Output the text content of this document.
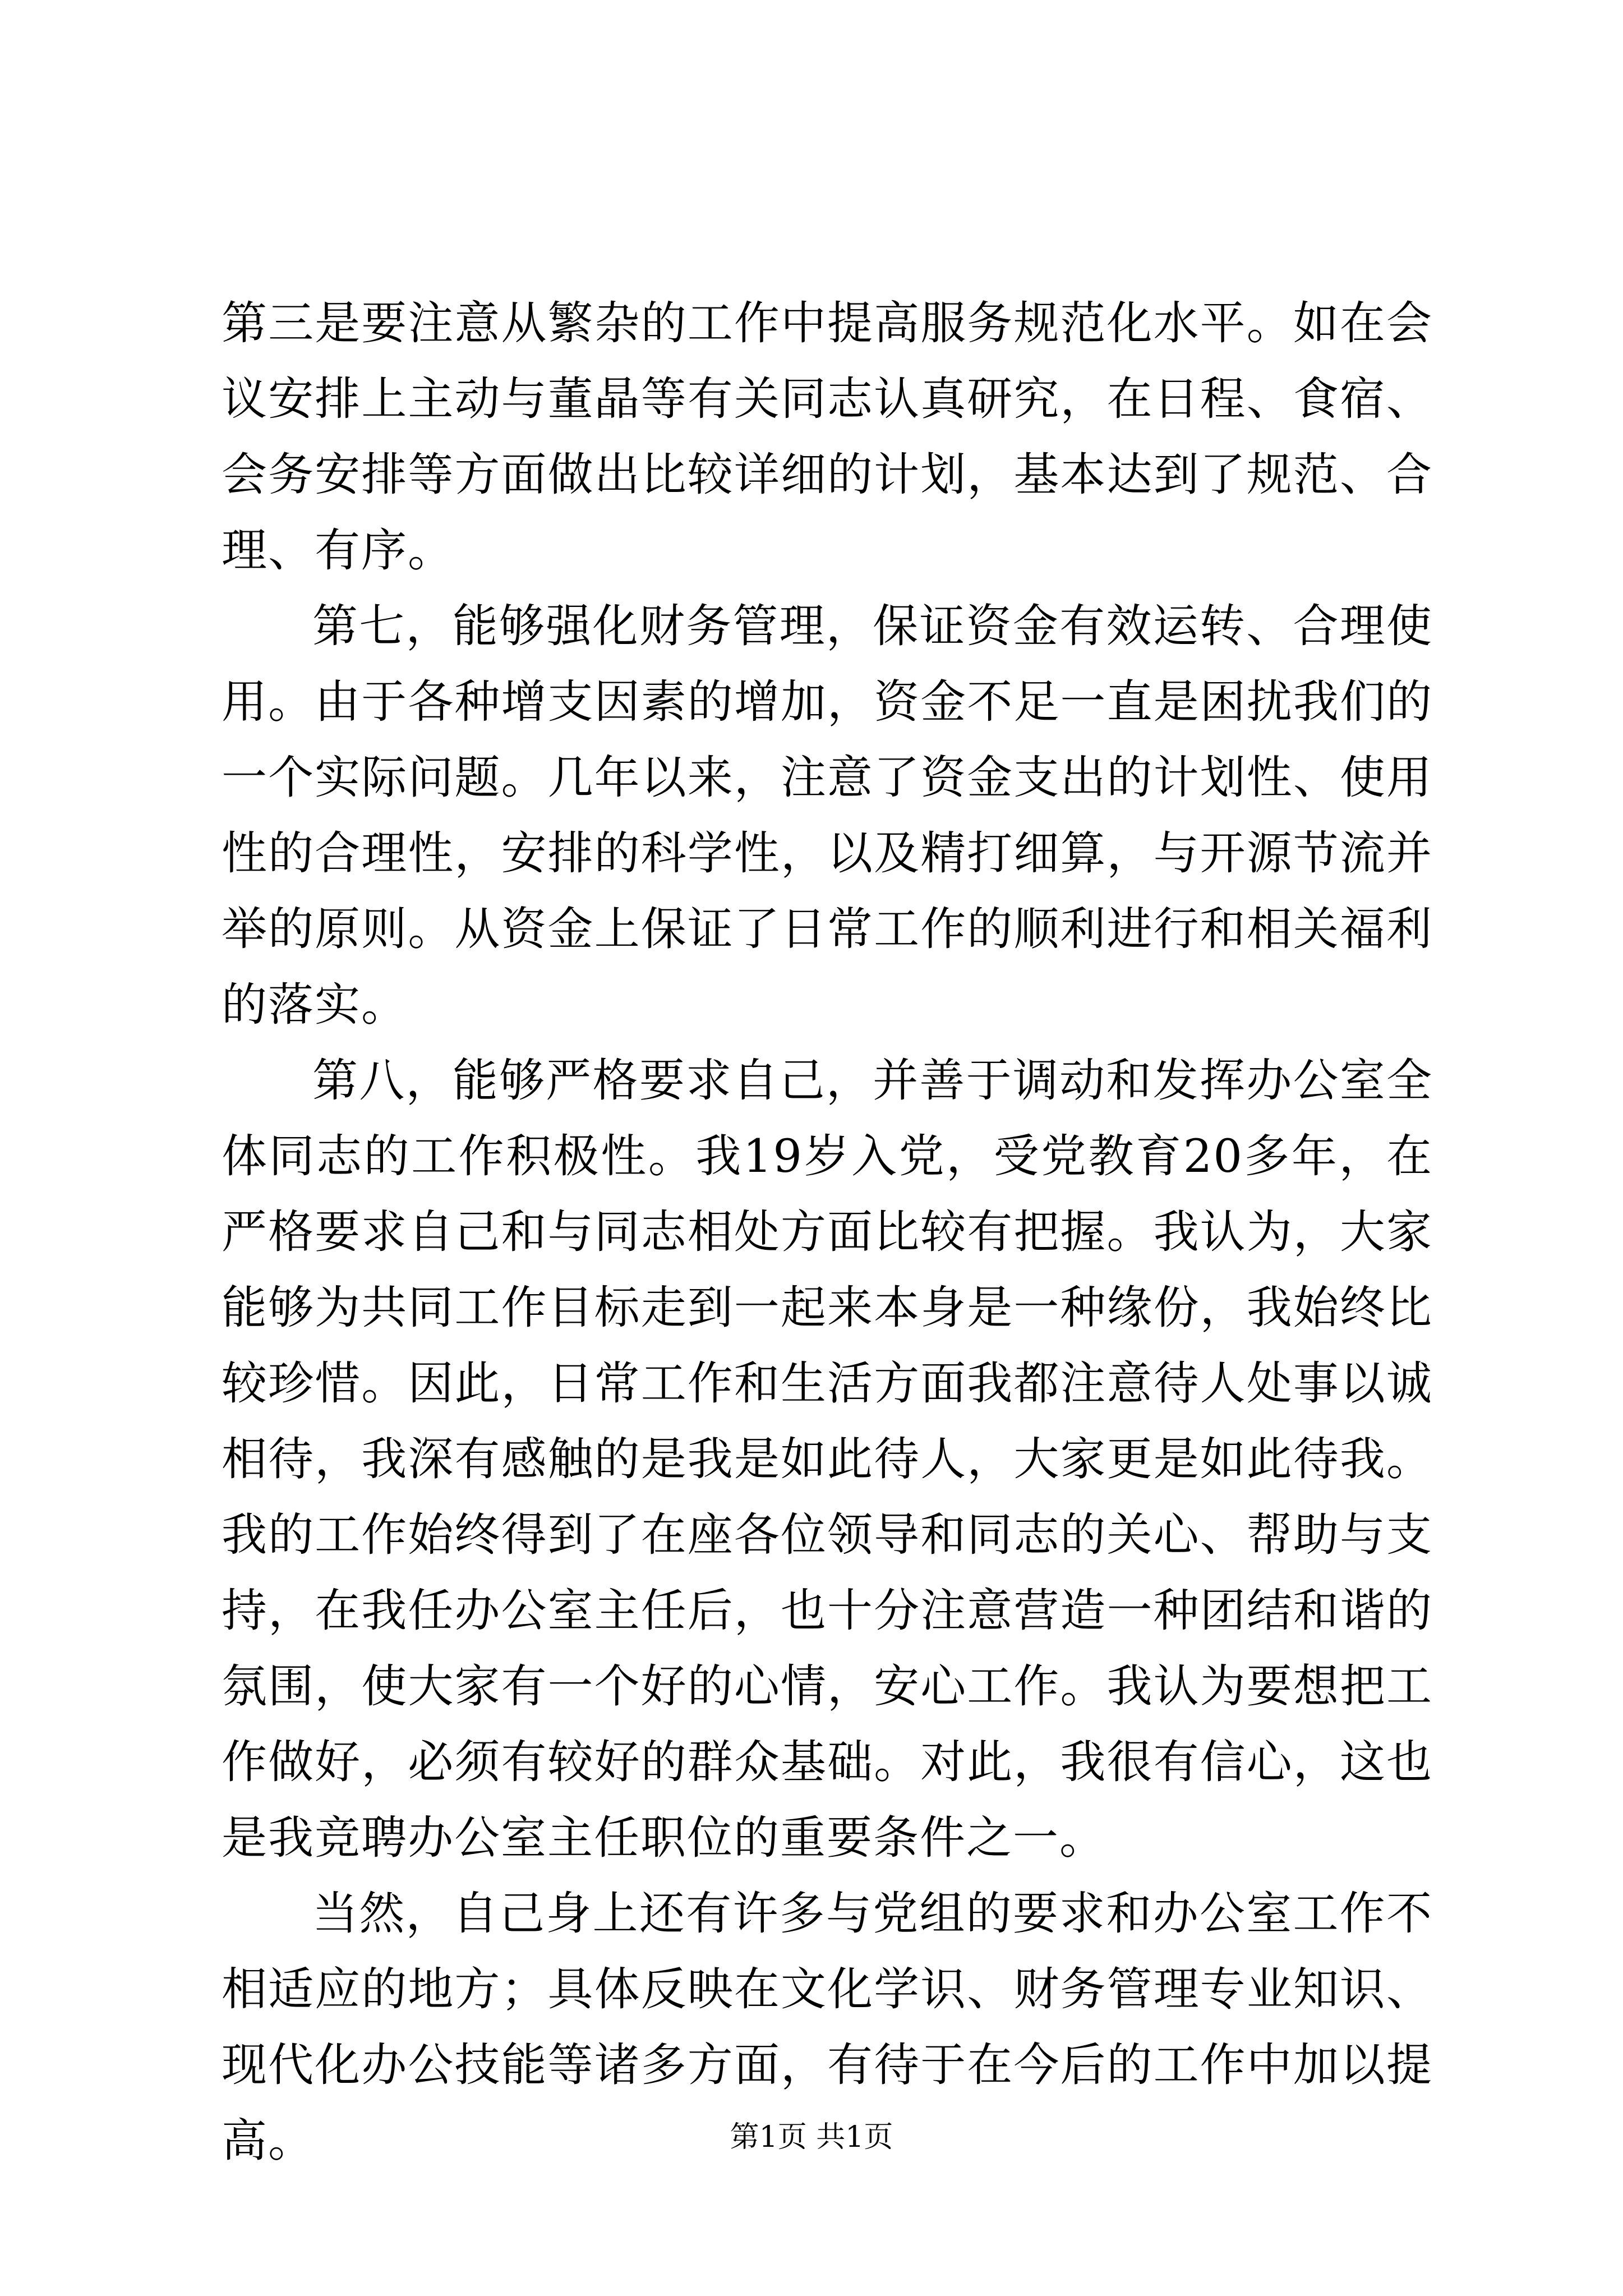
第三是要注意从繁杂的工作中提高服务规范化水平。如在会议安排上主动与董晶等有关同志认真研究，在日程、食宿、会务安排等方面做出比较详细的计划，基本达到了规范、合理、有序。

第七，能够强化财务管理，保证资金有效运转、合理使用。由于各种增支因素的增加，资金不足一直是困扰我们的一个实际问题。几年以来，注意了资金支出的计划性、使用性的合理性，安排的科学性，以及精打细算，与开源节流并举的原则。从资金上保证了日常工作的顺利进行和相关福利的落实。

第八，能够严格要求自己，并善于调动和发挥办公室全体同志的工作积极性。我19岁入党，受党教育20多年，在严格要求自己和与同志相处方面比较有把握。我认为，大家能够为共同工作目标走到一起来本身是一种缘份，我始终比较珍惜。因此，日常工作和生活方面我都注意待人处事以诚相待，我深有感触的是我是如此待人，大家更是如此待我。我的工作始终得到了在座各位领导和同志的关心、帮助与支持，在我任办公室主任后，也十分注意营造一种团结和谐的氛围，使大家有一个好的心情，安心工作。我认为要想把工作做好，必须有较好的群众基础。对此，我很有信心，这也是我竞聘办公室主任职位的重要条件之一。

当然，自己身上还有许多与党组的要求和办公室工作不相适应的地方；具体反映在文化学识、财务管理专业知识、现代化办公技能等诸多方面，有待于在今后的工作中加以提高。	第1页 共1页
